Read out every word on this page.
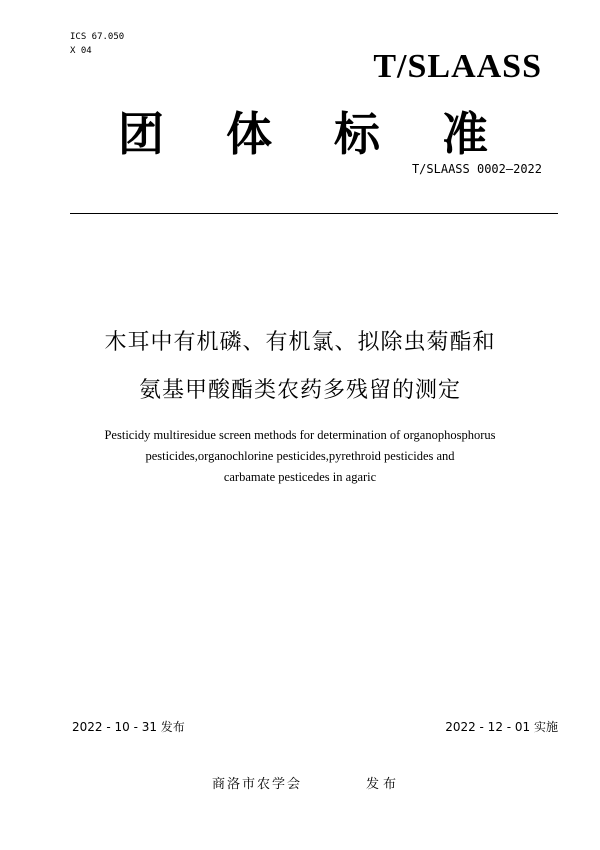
ICS 67.050
X 04	T/SLAASS
团 体 标 准
T/SLAASS 0002—2022
木耳中有机磷、有机氯、拟除虫菊酯和
氨基甲酸酯类农药多残留的测定
Pesticidy multiresidue screen methods for determination of organophosphorus
pesticides,organochlorine pesticides,pyrethroid pesticides and
carbamate pesticedes in agaric
2022 - 10 - 31 发布	2022 - 12 - 01 实施
商洛市农学会	发布
